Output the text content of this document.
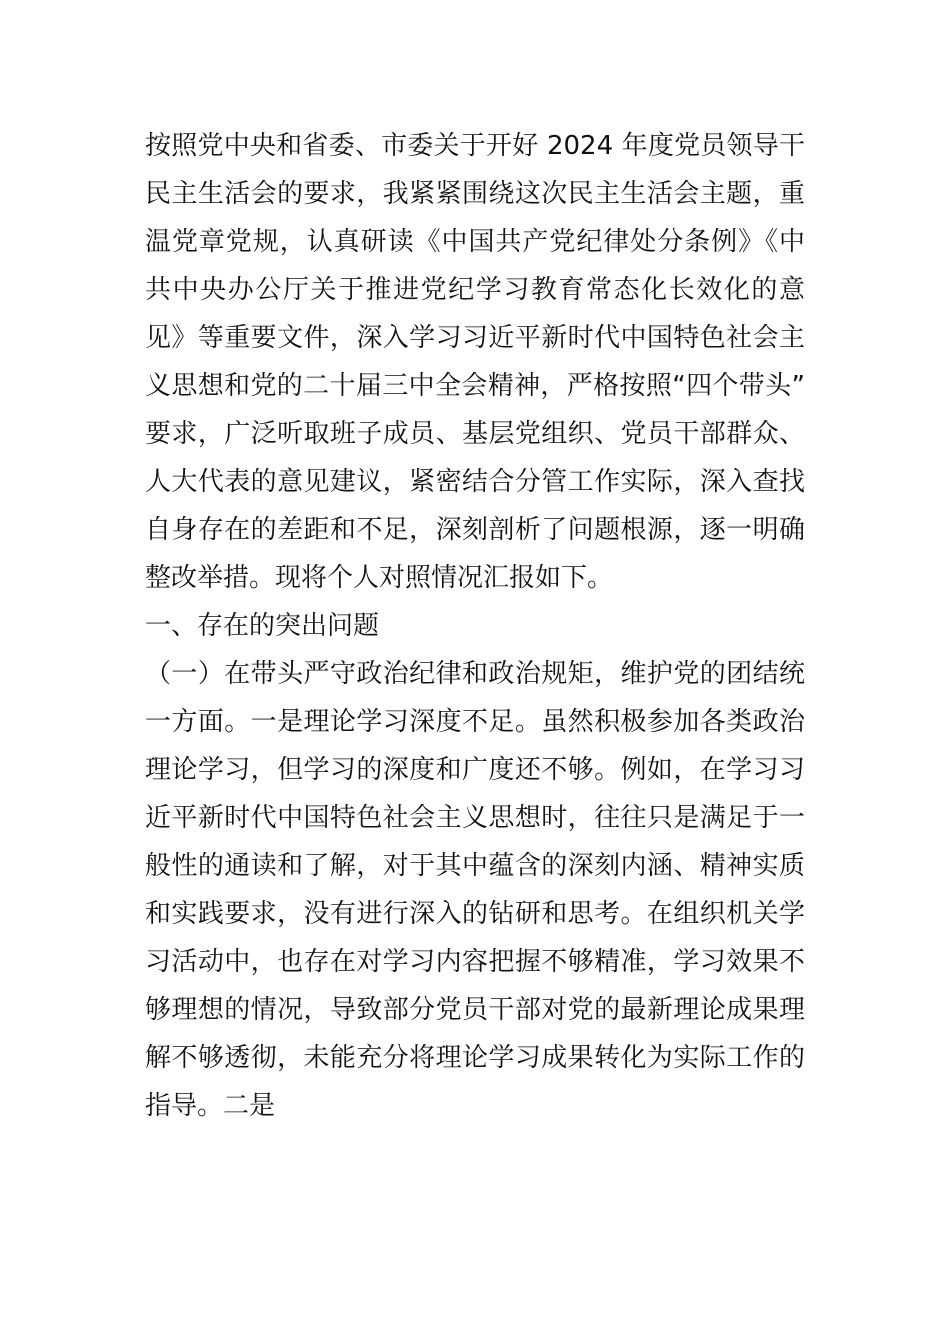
按照党中央和省委、市委关于开好 2024 年度党员领导干
民主生活会的要求，我紧紧围绕这次民主生活会主题，重
温党章党规，认真研读《中国共产党纪律处分条例》《中
共中央办公厅关于推进党纪学习教育常态化长效化的意
见》等重要文件，深入学习习近平新时代中国特色社会主
义思想和党的二十届三中全会精神，严格按照“四个带头”
要求，广泛听取班子成员、基层党组织、党员干部群众、
人大代表的意见建议，紧密结合分管工作实际，深入查找
自身存在的差距和不足，深刻剖析了问题根源，逐一明确
整改举措。现将个人对照情况汇报如下。
一、存在的突出问题
（一）在带头严守政治纪律和政治规矩，维护党的团结统
一方面。一是理论学习深度不足。虽然积极参加各类政治
理论学习，但学习的深度和广度还不够。例如，在学习习
近平新时代中国特色社会主义思想时，往往只是满足于一
般性的通读和了解，对于其中蕴含的深刻内涵、精神实质
和实践要求，没有进行深入的钻研和思考。在组织机关学
习活动中，也存在对学习内容把握不够精准，学习效果不
够理想的情况，导致部分党员干部对党的最新理论成果理
解不够透彻，未能充分将理论学习成果转化为实际工作的
指导。二是
